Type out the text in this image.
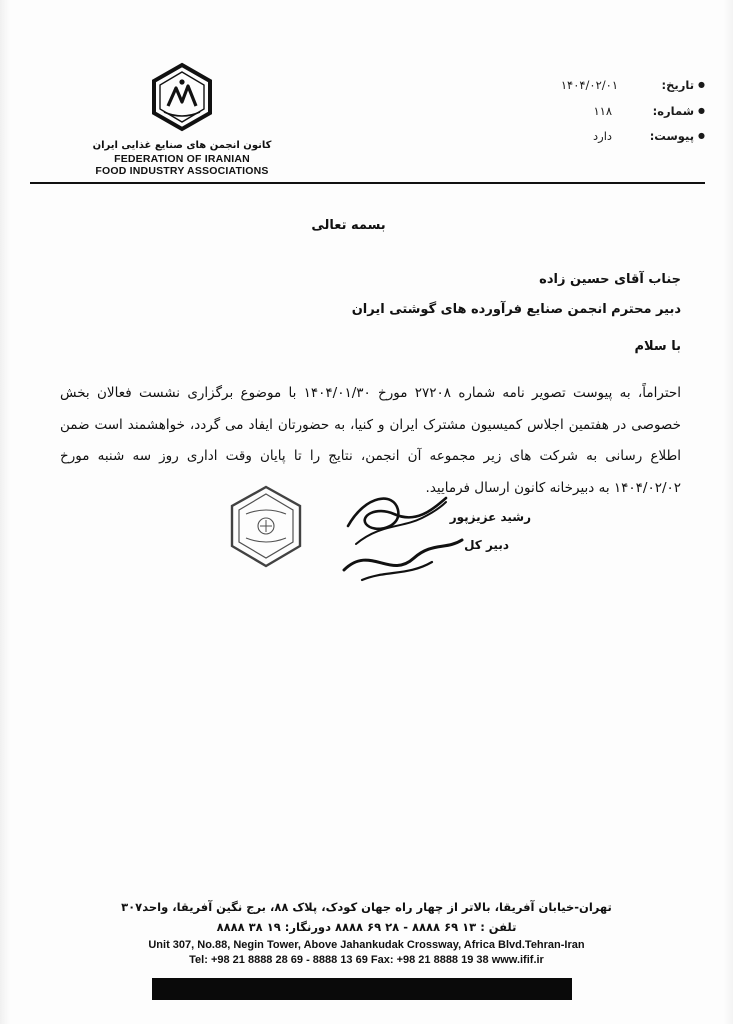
●
تاریخ:
۱۴۰۴/۰۲/۰۱
●
شماره:
۱۱۸
●
پیوست:
دارد
کانون انجمن های صنایع غذایی ایران
FEDERATION OF IRANIAN
FOOD INDUSTRY ASSOCIATIONS
بسمه تعالی
جناب آقای حسین زاده
دبیر محترم انجمن صنایع فرآورده های گوشتی ایران
با سلام
احتراماً، به پیوست تصویر نامه شماره ۲۷۲۰۸ مورخ ۱۴۰۴/۰۱/۳۰ با موضوع برگزاری نشست فعالان بخش خصوصی در هفتمین اجلاس کمیسیون مشترک ایران و کنیا، به حضورتان ایفاد می گردد، خواهشمند است ضمن اطلاع رسانی به شرکت های زیر مجموعه آن انجمن، نتایج را تا پایان وقت اداری روز سه شنبه مورخ ۱۴۰۴/۰۲/۰۲ به دبیرخانه کانون ارسال فرمایید.
رشید عزیزپور
دبیر کل
تهران-خیابان آفریقا، بالاتر از چهار راه جهان کودک، پلاک ۸۸، برج نگین آفریقا، واحد۳۰۷
تلفن : ۱۳ ۶۹ ۸۸۸۸ - ۲۸ ۶۹ ۸۸۸۸ دورنگار: ۱۹ ۳۸ ۸۸۸۸
Unit 307, No.88, Negin Tower, Above Jahankudak Crossway, Africa Blvd.Tehran-Iran
Tel: +98 21 8888 28 69 - 8888 13 69 Fax: +98 21 8888 19 38 www.ifif.ir
